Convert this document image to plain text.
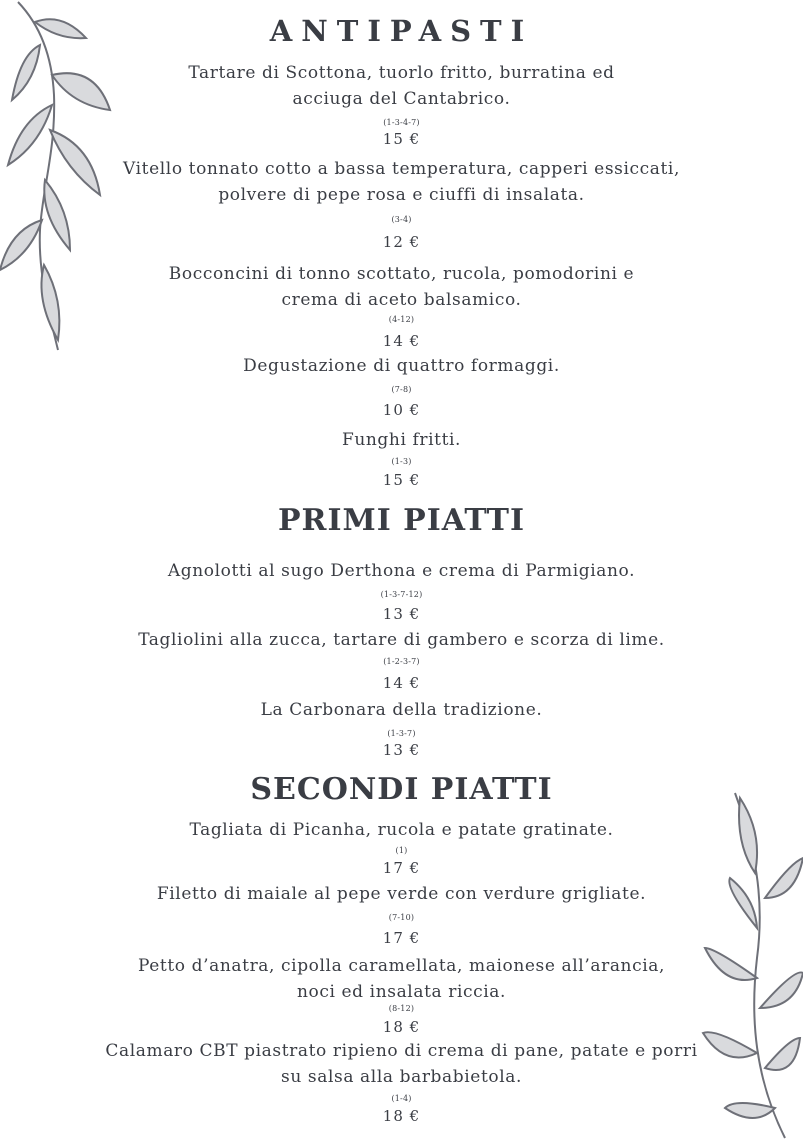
ANTIPASTI
Tartare di Scottona, tuorlo fritto, burratina ed
acciuga del Cantabrico.
(1-3-4-7)
15 €
Vitello tonnato cotto a bassa temperatura, capperi essiccati,
polvere di pepe rosa e ciuffi di insalata.
(3-4)
12 €
Bocconcini di tonno scottato, rucola, pomodorini e
crema di aceto balsamico.
(4-12)
14 €
Degustazione di quattro formaggi.
(7-8)
10 €
Funghi fritti.
(1-3)
15 €
PRIMI PIATTI
Agnolotti al sugo Derthona e crema di Parmigiano.
(1-3-7-12)
13 €
Tagliolini alla zucca, tartare di gambero e scorza di lime.
(1-2-3-7)
14 €
La Carbonara della tradizione.
(1-3-7)
13 €
SECONDI PIATTI
Tagliata di Picanha, rucola e patate gratinate.
(1)
17 €
Filetto di maiale al pepe verde con verdure grigliate.
(7-10)
17 €
Petto d’anatra, cipolla caramellata, maionese all’arancia,
noci ed insalata riccia.
(8-12)
18 €
Calamaro CBT piastrato ripieno di crema di pane, patate e porri
su salsa alla barbabietola.
(1-4)
18 €
